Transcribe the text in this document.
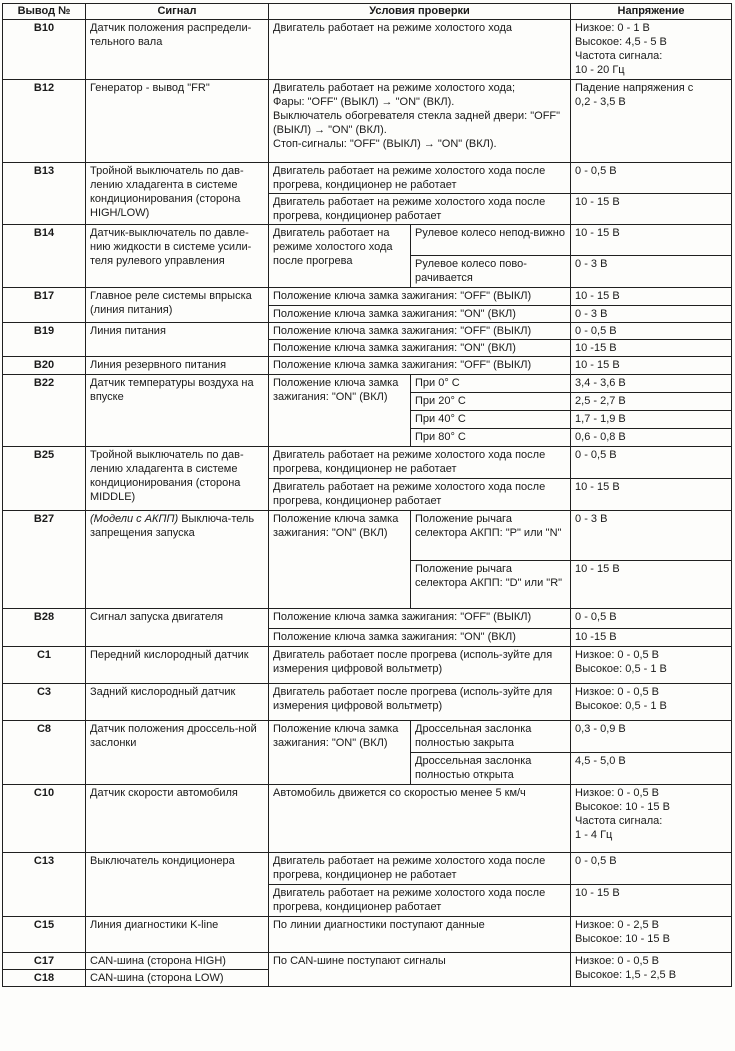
Вывод №	Сигнал	Условия проверки		Напряжение
B10	Датчик положения распредели-тельного вала	Двигатель работает на режиме холостого хода		Низкое: 0 - 1 В
Высокое: 4,5 - 5 В
Частота сигнала:
10 - 20 Гц

B12	Генератор - вывод "FR"	Двигатель работает на режиме холостого хода;
Фары: "OFF" (ВЫКЛ) → "ON" (ВКЛ).
Выключатель обогревателя стекла задней двери: "OFF" (ВЫКЛ) → "ON" (ВКЛ).
Стоп-сигналы: "OFF" (ВЫКЛ) → "ON" (ВКЛ).		Падение напряжения с
0,2 - 3,5 В

B13	Тройной выключатель по дав-лению хладагента в системе кондиционирования (сторона HIGH/LOW)	Двигатель работает на режиме холостого хода после прогрева, кондиционер не работает		0 - 0,5 В
		Двигатель работает на режиме холостого хода после прогрева, кондиционер работает		10 - 15 В
B14	Датчик-выключатель по давле-нию жидкости в системе усили-теля рулевого управления	Двигатель работает на режиме холостого хода после прогрева	Рулевое колесо непод-вижно	10 - 15 В
			Рулевое колесо пово-рачивается	0 - 3 В
B17	Главное реле системы впрыска (линия питания)	Положение ключа замка зажигания: "OFF" (ВЫКЛ)		10 - 15 В
		Положение ключа замка зажигания: "ON" (ВКЛ)		0 - 3 В
B19	Линия питания	Положение ключа замка зажигания: "OFF" (ВЫКЛ)		0 - 0,5 В
		Положение ключа замка зажигания: "ON" (ВКЛ)		10 -15 В
B20	Линия резервного питания	Положение ключа замка зажигания: "OFF" (ВЫКЛ)		10 - 15 В
B22	Датчик температуры воздуха на впуске	Положение ключа замка зажигания: "ON" (ВКЛ)	При 0° С	3,4 - 3,6 В
			При 20° С	2,5 - 2,7 В
			При 40° С	1,7 - 1,9 В
			При 80° С	0,6 - 0,8 В
B25	Тройной выключатель по дав-лению хладагента в системе кондиционирования (сторона MIDDLE)	Двигатель работает на режиме холостого хода после прогрева, кондиционер не работает		0 - 0,5 В
		Двигатель работает на режиме холостого хода после прогрева, кондиционер работает		10 - 15 В
B27	(Модели с АКПП) Выключа-тель запрещения запуска	Положение ключа замка зажигания: "ON" (ВКЛ)	Положение рычага селектора АКПП: "P" или "N"	0 - 3 В
			Положение рычага селектора АКПП: "D" или "R"	10 - 15 В
B28	Сигнал запуска двигателя	Положение ключа замка зажигания: "OFF" (ВЫКЛ)		0 - 0,5 В
		Положение ключа замка зажигания: "ON" (ВКЛ)		10 -15 В
C1	Передний кислородный датчик	Двигатель работает после прогрева (исполь-зуйте для измерения цифровой вольтметр)		Низкое: 0 - 0,5 В
Высокое: 0,5 - 1 В

C3	Задний кислородный датчик	Двигатель работает после прогрева (исполь-зуйте для измерения цифровой вольтметр)		Низкое: 0 - 0,5 В
Высокое: 0,5 - 1 В

C8	Датчик положения дроссель-ной заслонки	Положение ключа замка зажигания: "ON" (ВКЛ)	Дроссельная заслонка полностью закрыта	0,3 - 0,9 В
			Дроссельная заслонка полностью открыта	4,5 - 5,0 В
C10	Датчик скорости автомобиля	Автомобиль движется со скоростью менее 5 км/ч		Низкое: 0 - 0,5 В
Высокое: 10 - 15 В
Частота сигнала:
1 - 4 Гц

C13	Выключатель кондиционера	Двигатель работает на режиме холостого хода после прогрева, кондиционер не работает		0 - 0,5 В
		Двигатель работает на режиме холостого хода после прогрева, кондиционер работает		10 - 15 В
C15	Линия диагностики K-line	По линии диагностики поступают данные		Низкое: 0 - 2,5 В
Высокое: 10 - 15 В

C17	CAN-шина (сторона HIGH)	По CAN-шине поступают сигналы		Низкое: 0 - 0,5 В
Высокое: 1,5 - 2,5 В

C18	CAN-шина (сторона LOW)			
